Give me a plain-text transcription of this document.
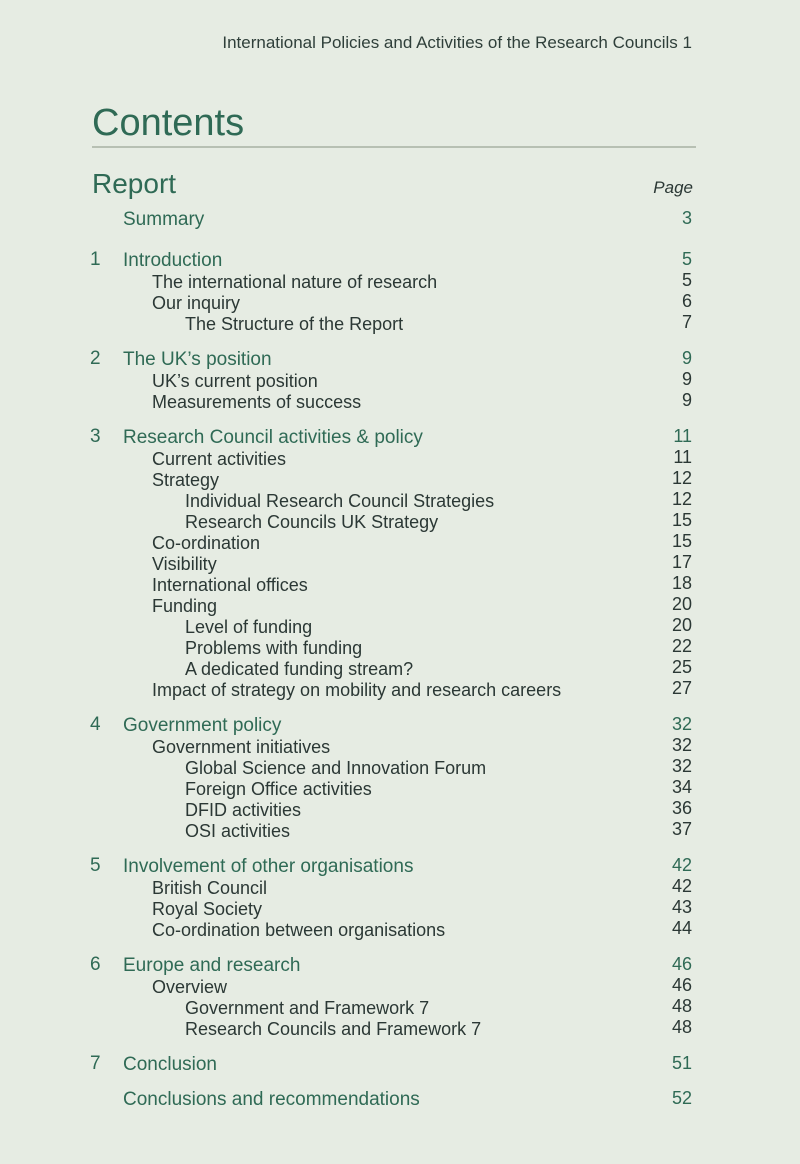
International Policies and Activities of the Research Councils 1
Contents
Report	Page
Summary	3
1 Introduction	5
The international nature of research	5
Our inquiry	6
The Structure of the Report	7
2 The UK’s position	9
UK’s current position	9
Measurements of success	9
3 Research Council activities & policy	11
Current activities	11
Strategy	12
Individual Research Council Strategies	12
Research Councils UK Strategy	15
Co-ordination	15
Visibility	17
International offices	18
Funding	20
Level of funding	20
Problems with funding	22
A dedicated funding stream?	25
Impact of strategy on mobility and research careers	27
4 Government policy	32
Government initiatives	32
Global Science and Innovation Forum	32
Foreign Office activities	34
DFID activities	36
OSI activities	37
5 Involvement of other organisations	42
British Council	42
Royal Society	43
Co-ordination between organisations	44
6 Europe and research	46
Overview	46
Government and Framework 7	48
Research Councils and Framework 7	48
7 Conclusion	51
Conclusions and recommendations	52
